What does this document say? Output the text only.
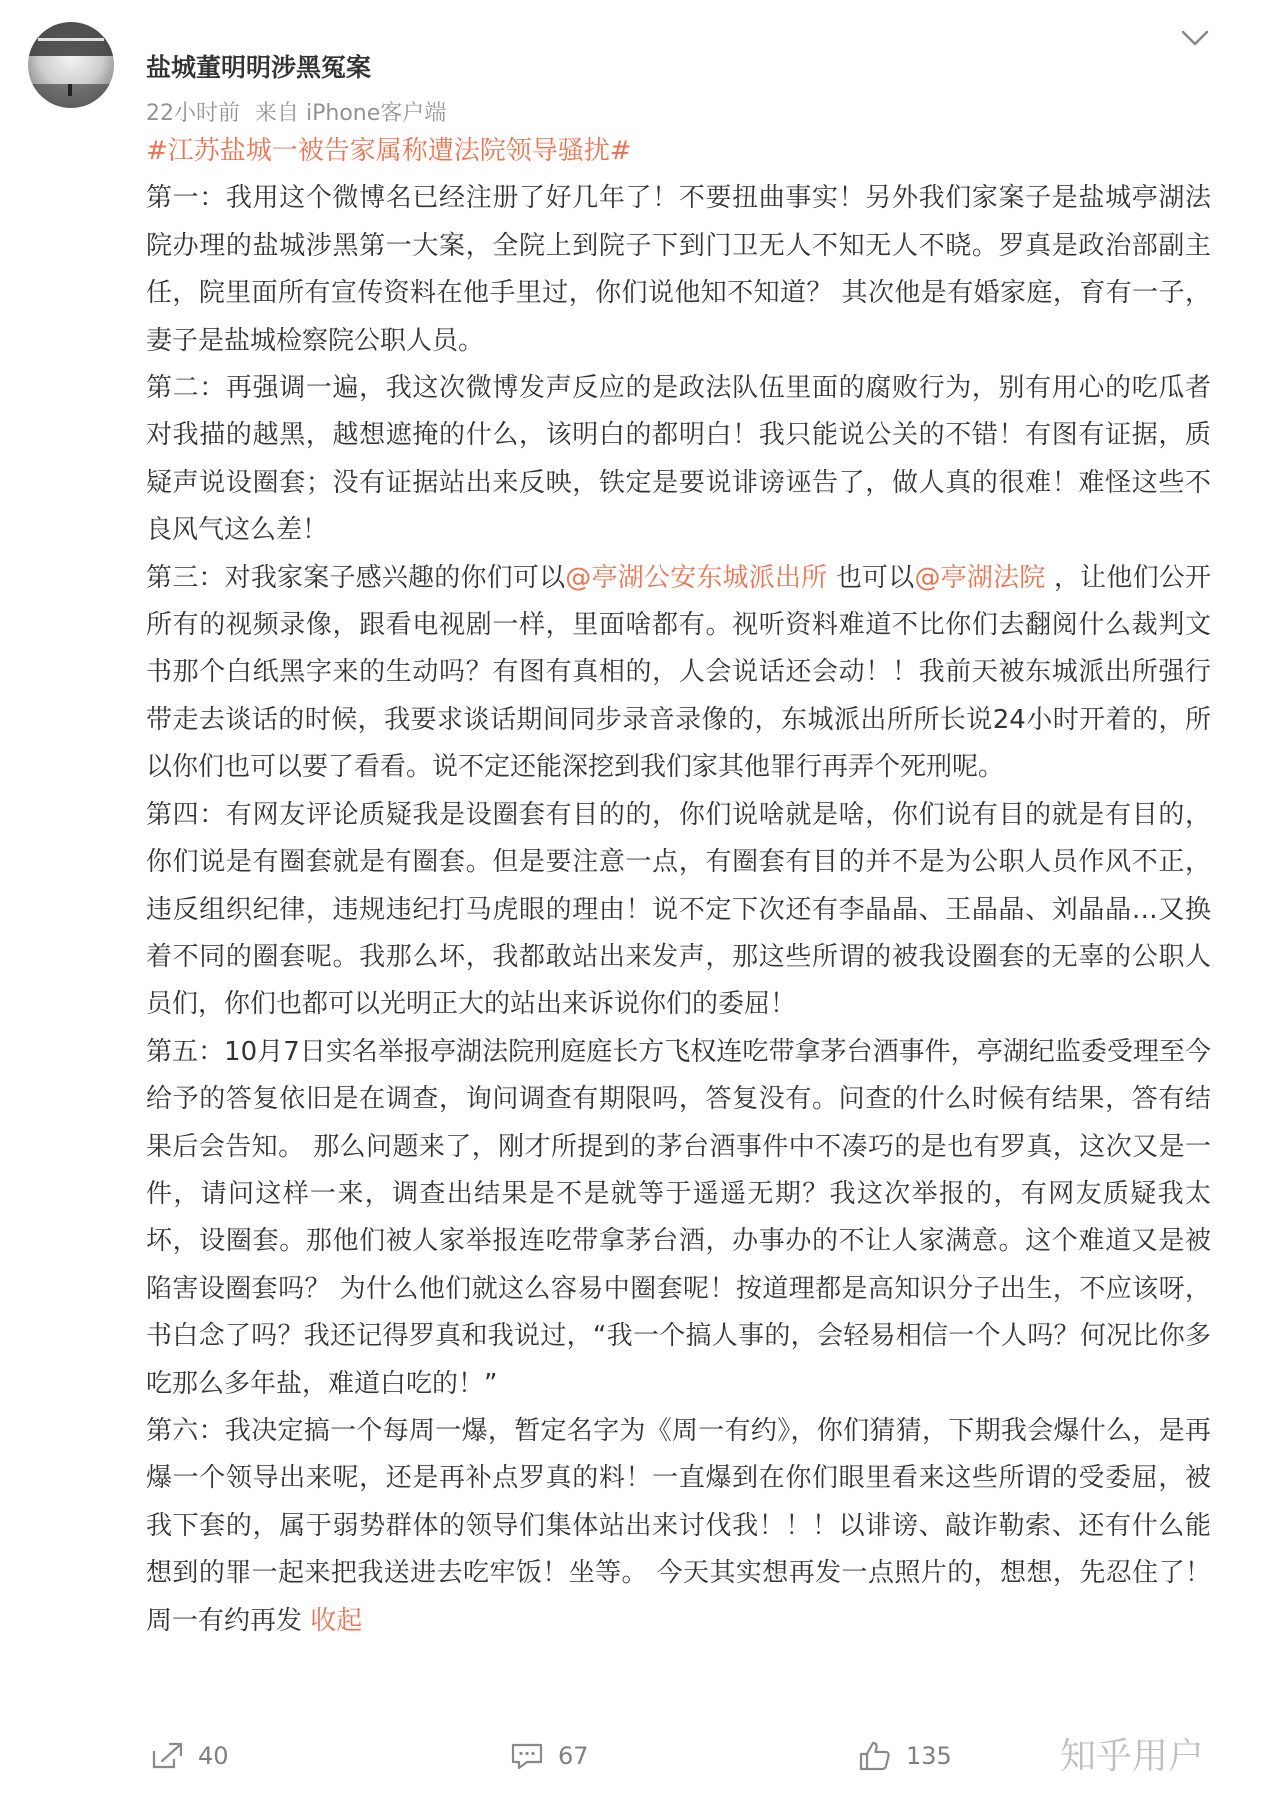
盐城董明明涉黑冤案
22小时前 来自 iPhone客户端

#江苏盐城一被告家属称遭法院领导骚扰#

第一：我用这个微博名已经注册了好几年了！不要扭曲事实！另外我们家案子是盐城亭湖法院办理的盐城涉黑第一大案，全院上到院子下到门卫无人不知无人不晓。罗真是政治部副主任，院里面所有宣传资料在他手里过，你们说他知不知道？ 其次他是有婚家庭，育有一子，妻子是盐城检察院公职人员。

第二：再强调一遍，我这次微博发声反应的是政法队伍里面的腐败行为，别有用心的吃瓜者对我描的越黑，越想遮掩的什么，该明白的都明白！我只能说公关的不错！有图有证据，质疑声说设圈套；没有证据站出来反映，铁定是要说诽谤诬告了，做人真的很难！难怪这些不良风气这么差！

第三：对我家案子感兴趣的你们可以@亭湖公安东城派出所 也可以@亭湖法院 ，让他们公开所有的视频录像，跟看电视剧一样，里面啥都有。视听资料难道不比你们去翻阅什么裁判文书那个白纸黑字来的生动吗？有图有真相的，人会说话还会动！！我前天被东城派出所强行带走去谈话的时候，我要求谈话期间同步录音录像的，东城派出所所长说24小时开着的，所以你们也可以要了看看。说不定还能深挖到我们家其他罪行再弄个死刑呢。

第四：有网友评论质疑我是设圈套有目的的，你们说啥就是啥，你们说有目的就是有目的，你们说是有圈套就是有圈套。但是要注意一点，有圈套有目的并不是为公职人员作风不正，违反组织纪律，违规违纪打马虎眼的理由！说不定下次还有李晶晶、王晶晶、刘晶晶…又换着不同的圈套呢。我那么坏，我都敢站出来发声，那这些所谓的被我设圈套的无辜的公职人员们，你们也都可以光明正大的站出来诉说你们的委屈！

第五：10月7日实名举报亭湖法院刑庭庭长方飞权连吃带拿茅台酒事件，亭湖纪监委受理至今给予的答复依旧是在调查，询问调查有期限吗，答复没有。问查的什么时候有结果，答有结果后会告知。 那么问题来了，刚才所提到的茅台酒事件中不凑巧的是也有罗真，这次又是一件，请问这样一来，调查出结果是不是就等于遥遥无期？我这次举报的，有网友质疑我太坏，设圈套。那他们被人家举报连吃带拿茅台酒，办事办的不让人家满意。这个难道又是被陷害设圈套吗？ 为什么他们就这么容易中圈套呢！按道理都是高知识分子出生，不应该呀，书白念了吗？我还记得罗真和我说过，“我一个搞人事的，会轻易相信一个人吗？何况比你多吃那么多年盐，难道白吃的！”

第六：我决定搞一个每周一爆，暂定名字为《周一有约》，你们猜猜，下期我会爆什么，是再爆一个领导出来呢，还是再补点罗真的料！一直爆到在你们眼里看来这些所谓的受委屈，被我下套的，属于弱势群体的领导们集体站出来讨伐我！！！以诽谤、敲诈勒索、还有什么能想到的罪一起来把我送进去吃牢饭！坐等。 今天其实想再发一点照片的，想想，先忍住了！ 周一有约再发 收起

40	67	135	知乎用户
